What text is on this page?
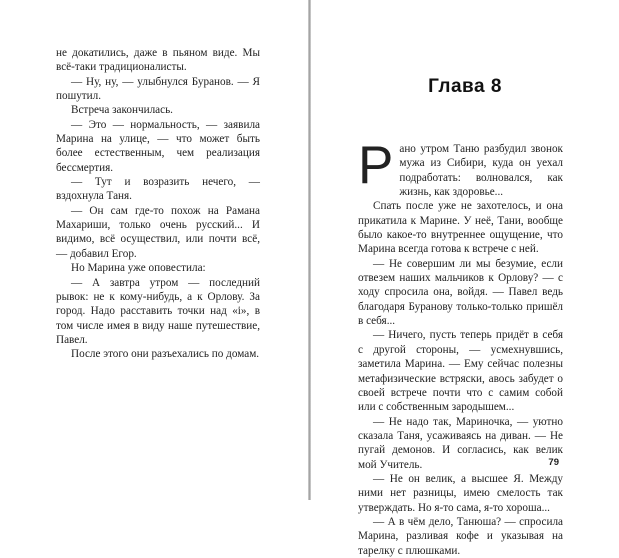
не докатились, даже в пьяном виде. Мы всё-таки традиционалисты.

— Ну, ну, — улыбнулся Буранов. — Я пошутил.

Встреча закончилась.

— Это — нормальность, — заявила Марина на улице, — что может быть более естественным, чем реализация бессмертия.

— Тут и возразить нечего, — вздохнула Таня.

— Он сам где-то похож на Рамана Махариши, только очень русский... И видимо, всё осуществил, или почти всё, — добавил Егор.

Но Марина уже оповестила:

— А завтра утром — последний рывок: не к кому-нибудь, а к Орлову. За город. Надо расставить точки над «і», в том числе имея в виду наше путешествие, Павел.

После этого они разъехались по домам.

Глава 8

Рано утром Таню разбудил звонок мужа из Сибири, куда он уехал подработать: волновался, как жизнь, как здоровье...

Спать после уже не захотелось, и она прикатила к Марине. У неё, Тани, вообще было какое-то внутреннее ощущение, что Марина всегда готова к встрече с ней.

— Не совершим ли мы безумие, если отвезем наших мальчиков к Орлову? — с ходу спросила она, войдя. — Павел ведь благодаря Буранову только-только пришёл в себя...

— Ничего, пусть теперь придёт в себя с другой стороны, — усмехнувшись, заметила Марина. — Ему сейчас полезны метафизические встряски, авось забудет о своей встрече почти что с самим собой или с собственным зародышем...

— Не надо так, Мариночка, — уютно сказала Таня, усаживаясь на диван. — Не пугай демонов. И согласись, как велик мой Учитель.

— Не он велик, а высшее Я. Между ними нет разницы, имею смелость так утверждать. Но я-то сама, я-то хороша...

— А в чём дело, Танюша? — спросила Марина, разливая кофе и указывая на тарелку с плюшками.

79
